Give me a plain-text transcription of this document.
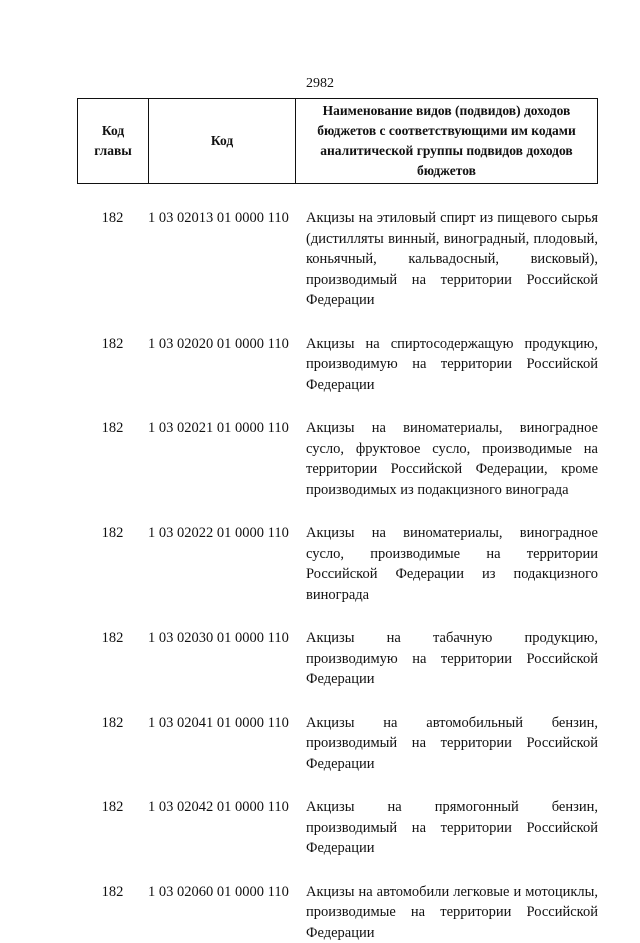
2982
Код главы	Код	Наименование видов (подвидов) доходов бюджетов с соответствующими им кодами аналитической группы подвидов доходов бюджетов
182	1 03 02013 01 0000 110	Акцизы на этиловый спирт из пищевого сырья (дистилляты винный, виноградный, плодовый, коньячный, кальвадосный, висковый), производимый на территории Российской Федерации
182	1 03 02020 01 0000 110	Акцизы на спиртосодержащую продукцию, производимую на территории Российской Федерации
182	1 03 02021 01 0000 110	Акцизы на виноматериалы, виноградное сусло, фруктовое сусло, производимые на территории Российской Федерации, кроме производимых из подакцизного винограда
182	1 03 02022 01 0000 110	Акцизы на виноматериалы, виноградное сусло, производимые на территории Российской Федерации из подакцизного винограда
182	1 03 02030 01 0000 110	Акцизы на табачную продукцию, производимую на территории Российской Федерации
182	1 03 02041 01 0000 110	Акцизы на автомобильный бензин, производимый на территории Российской Федерации
182	1 03 02042 01 0000 110	Акцизы на прямогонный бензин, производимый на территории Российской Федерации
182	1 03 02060 01 0000 110	Акцизы на автомобили легковые и мотоциклы, производимые на территории Российской Федерации
